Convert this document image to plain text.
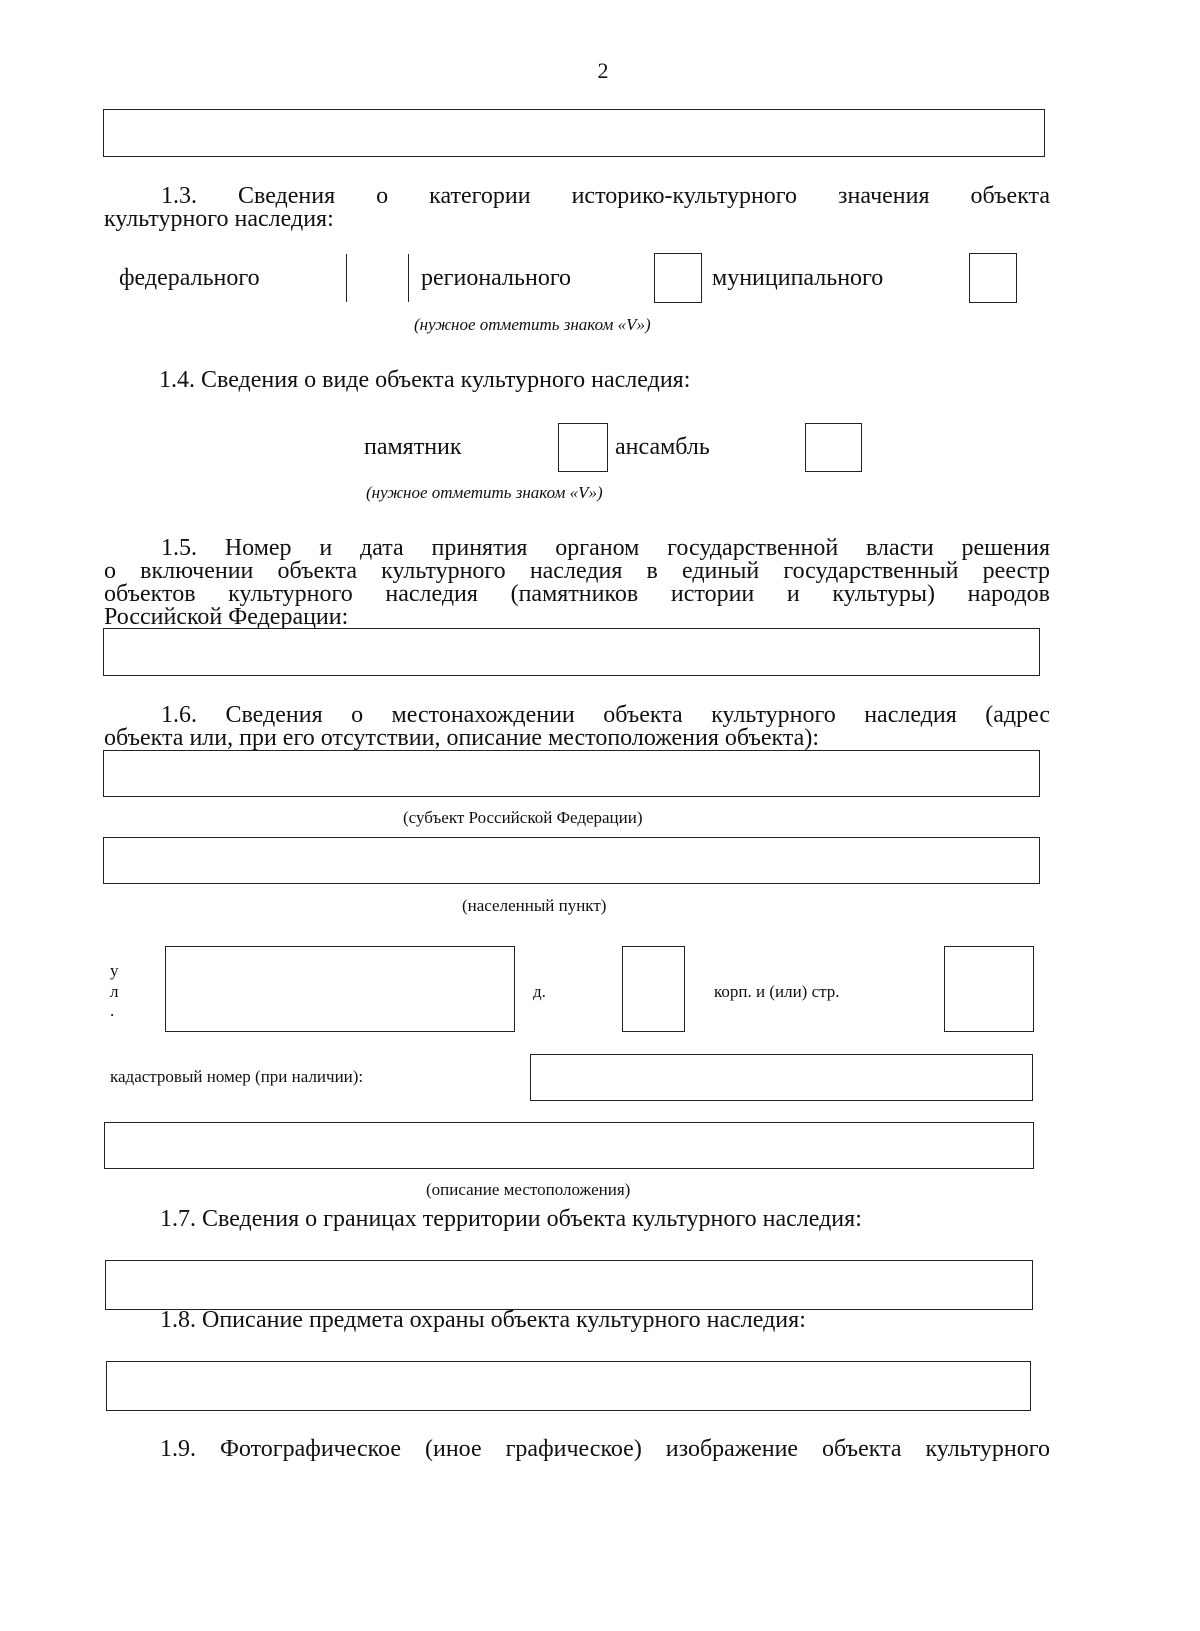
2
1.3. Сведения о категории историко-культурного значения объекта
культурного наследия:
федерального	регионального	муниципального
(нужное отметить знаком «V»)
1.4. Сведения о виде объекта культурного наследия:
памятник	ансамбль
(нужное отметить знаком «V»)
1.5. Номер и дата принятия органом государственной власти решения
о включении объекта культурного наследия в единый государственный реестр
объектов культурного наследия (памятников истории и культуры) народов
Российской Федерации:
1.6. Сведения о местонахождении объекта культурного наследия (адрес
объекта или, при его отсутствии, описание местоположения объекта):
(субъект Российской Федерации)
(населенный пункт)
у
л
.
д.	корп. и (или) стр.
кадастровый номер (при наличии):
(описание местоположения)
1.7. Сведения о границах территории объекта культурного наследия:
1.8. Описание предмета охраны объекта культурного наследия:
1.9. Фотографическое (иное графическое) изображение объекта культурного
